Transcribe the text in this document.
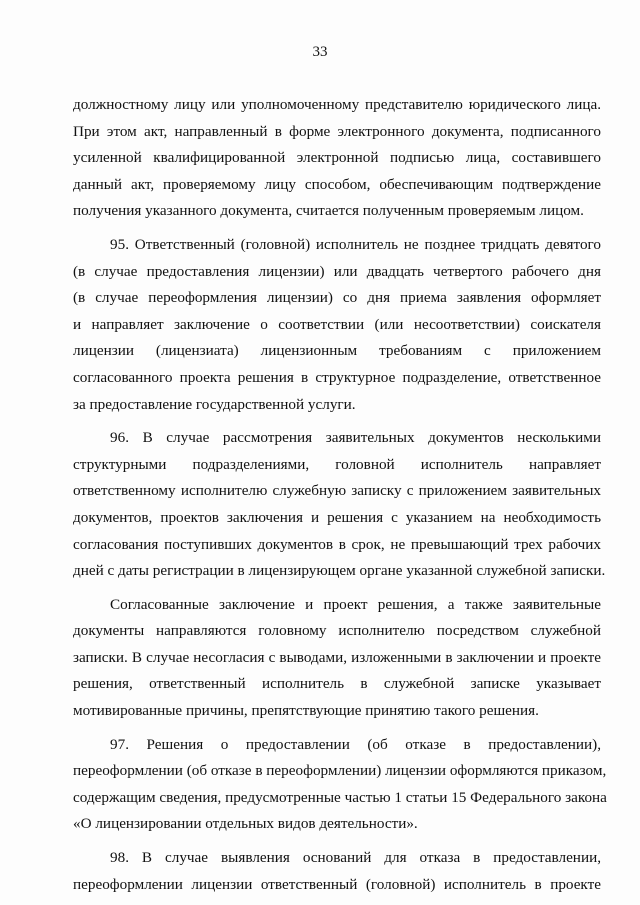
33
должностному лицу или уполномоченному представителю юридического лица.
При этом акт, направленный в форме электронного документа, подписанного
усиленной квалифицированной электронной подписью лица, составившего
данный акт, проверяемому лицу способом, обеспечивающим подтверждение
получения указанного документа, считается полученным проверяемым лицом.
95. Ответственный (головной) исполнитель не позднее тридцать девятого
(в случае предоставления лицензии) или двадцать четвертого рабочего дня
(в случае переоформления лицензии) со дня приема заявления оформляет
и направляет заключение о соответствии (или несоответствии) соискателя
лицензии (лицензиата) лицензионным требованиям с приложением
согласованного проекта решения в структурное подразделение, ответственное
за предоставление государственной услуги.
96. В случае рассмотрения заявительных документов несколькими
структурными подразделениями, головной исполнитель направляет
ответственному исполнителю служебную записку с приложением заявительных
документов, проектов заключения и решения с указанием на необходимость
согласования поступивших документов в срок, не превышающий трех рабочих
дней с даты регистрации в лицензирующем органе указанной служебной записки.
Согласованные заключение и проект решения, а также заявительные
документы направляются головному исполнителю посредством служебной
записки. В случае несогласия с выводами, изложенными в заключении и проекте
решения, ответственный исполнитель в служебной записке указывает
мотивированные причины, препятствующие принятию такого решения.
97. Решения о предоставлении (об отказе в предоставлении),
переоформлении (об отказе в переоформлении) лицензии оформляются приказом,
содержащим сведения, предусмотренные частью 1 статьи 15 Федерального закона
«О лицензировании отдельных видов деятельности».
98. В случае выявления оснований для отказа в предоставлении,
переоформлении лицензии ответственный (головной) исполнитель в проекте
